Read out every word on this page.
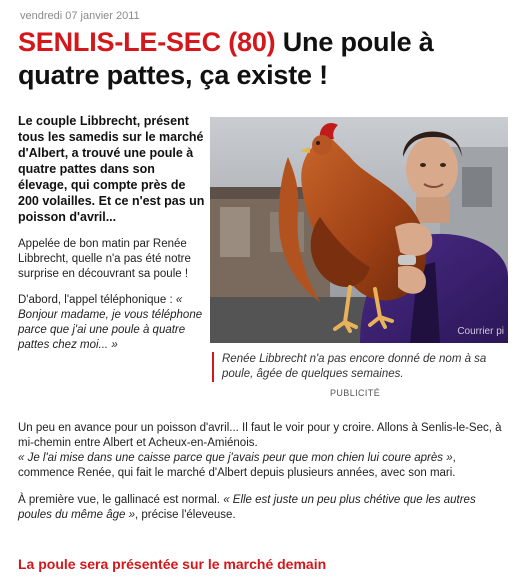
vendredi 07 janvier 2011
SENLIS-LE-SEC (80) Une poule à quatre pattes, ça existe !

Le couple Libbrecht, présent tous les samedis sur le marché d'Albert, a trouvé une poule à quatre pattes dans son élevage, qui compte près de 200 volailles. Et ce n'est pas un poisson d'avril...

Appelée de bon matin par Renée Libbrecht, quelle n'a pas été notre surprise en découvrant sa poule !

D'abord, l'appel téléphonique : « Bonjour madame, je vous téléphone parce que j'ai une poule à quatre pattes chez moi... »

Courrier pi
Renée Libbrecht n'a pas encore donné de nom à sa poule, âgée de quelques semaines.
PUBLICITÉ

Un peu en avance pour un poisson d'avril... Il faut le voir pour y croire. Allons à Senlis-le-Sec, à mi-chemin entre Albert et Acheux-en-Amiénois.
« Je l'ai mise dans une caisse parce que j'avais peur que mon chien lui coure après », commence Renée, qui fait le marché d'Albert depuis plusieurs années, avec son mari.

À première vue, le gallinacé est normal. « Elle est juste un peu plus chétive que les autres poules du même âge », précise l'éleveuse.

La poule sera présentée sur le marché demain
